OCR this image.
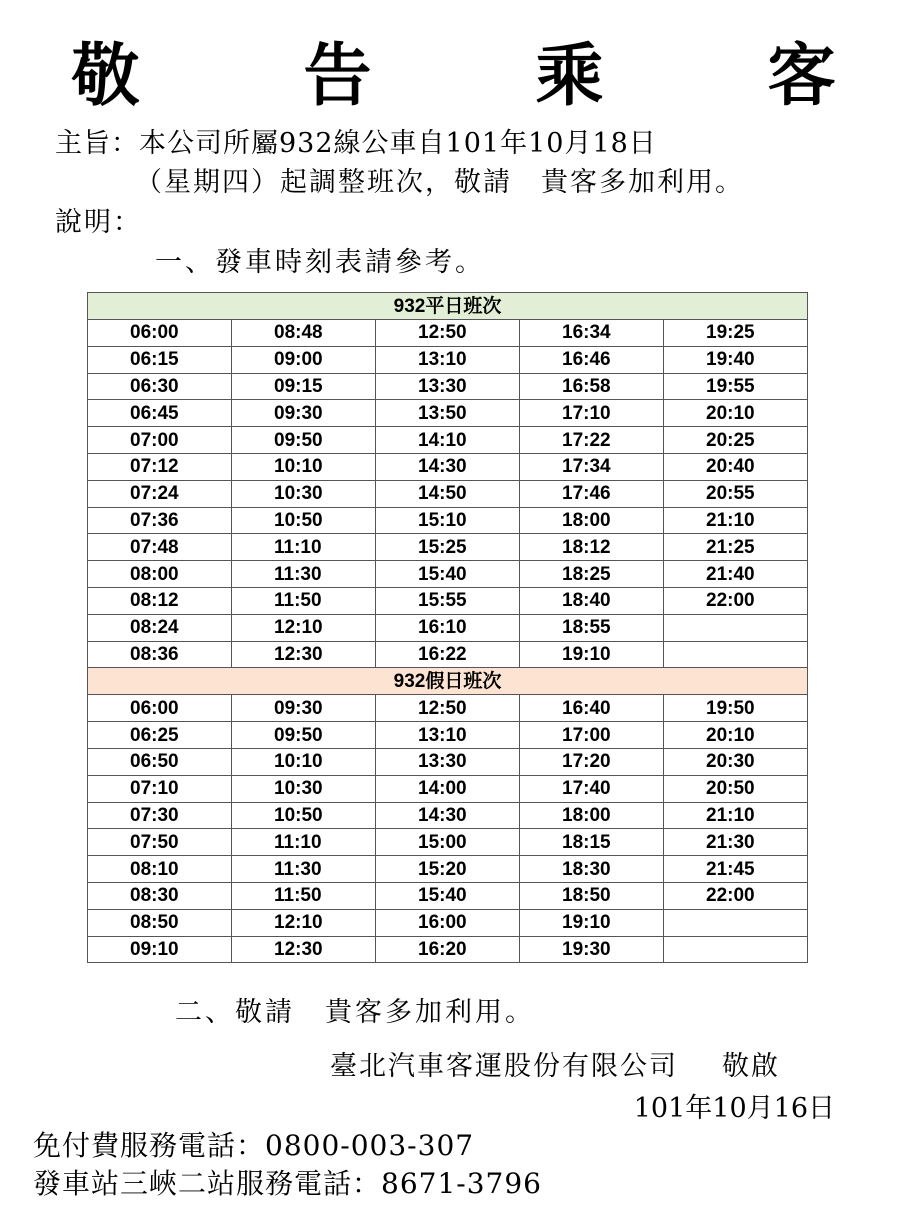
敬　告　乘　客
主旨：本公司所屬932線公車自101年10月18日
（星期四）起調整班次，敬請　貴客多加利用。
說明：
一、發車時刻表請參考。
932平日班次				
06:00	08:48	12:50	16:34	19:25
06:15	09:00	13:10	16:46	19:40
06:30	09:15	13:30	16:58	19:55
06:45	09:30	13:50	17:10	20:10
07:00	09:50	14:10	17:22	20:25
07:12	10:10	14:30	17:34	20:40
07:24	10:30	14:50	17:46	20:55
07:36	10:50	15:10	18:00	21:10
07:48	11:10	15:25	18:12	21:25
08:00	11:30	15:40	18:25	21:40
08:12	11:50	15:55	18:40	22:00
08:24	12:10	16:10	18:55	
08:36	12:30	16:22	19:10	
932假日班次				
06:00	09:30	12:50	16:40	19:50
06:25	09:50	13:10	17:00	20:10
06:50	10:10	13:30	17:20	20:30
07:10	10:30	14:00	17:40	20:50
07:30	10:50	14:30	18:00	21:10
07:50	11:10	15:00	18:15	21:30
08:10	11:30	15:20	18:30	21:45
08:30	11:50	15:40	18:50	22:00
08:50	12:10	16:00	19:10	
09:10	12:30	16:20	19:30	
二、敬請　貴客多加利用。
臺北汽車客運股份有限公司 敬啟
101年10月16日
免付費服務電話：0800-003-307
發車站三峽二站服務電話：8671-3796
